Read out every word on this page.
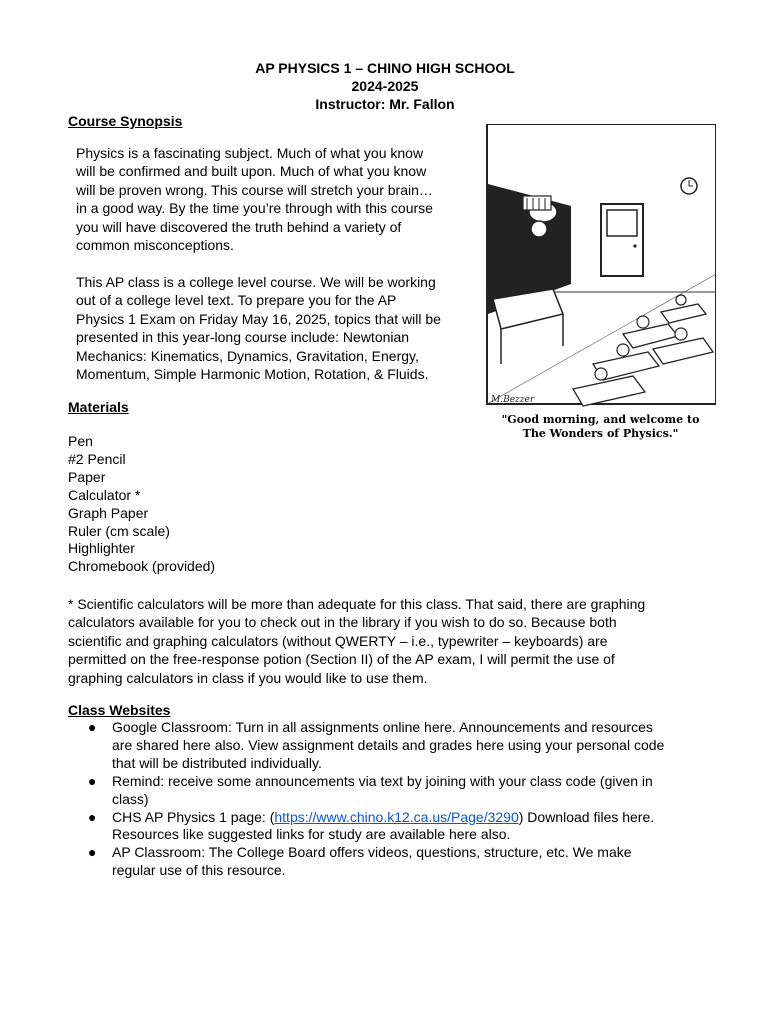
AP PHYSICS 1 – CHINO HIGH SCHOOL
2024-2025
Instructor: Mr. Fallon
Course Synopsis
Physics is a fascinating subject. Much of what you know
will be confirmed and built upon. Much of what you know
will be proven wrong. This course will stretch your brain…
in a good way. By the time you’re through with this course
you will have discovered the truth behind a variety of
common misconceptions.
This AP class is a college level course. We will be working
out of a college level text. To prepare you for the AP
Physics 1 Exam on Friday May 16, 2025, topics that will be
presented in this year-long course include: Newtonian
Mechanics: Kinematics, Dynamics, Gravitation, Energy,
Momentum, Simple Harmonic Motion, Rotation, & Fluids.
M.Bezzer
"Good morning, and welcome to
The Wonders of Physics."
Materials
Pen
#2 Pencil
Paper
Calculator *
Graph Paper
Ruler (cm scale)
Highlighter
Chromebook (provided)
* Scientific calculators will be more than adequate for this class. That said, there are graphing
calculators available for you to check out in the library if you wish to do so. Because both
scientific and graphing calculators (without QWERTY – i.e., typewriter – keyboards) are
permitted on the free-response potion (Section II) of the AP exam, I will permit the use of
graphing calculators in class if you would like to use them.
Class Websites
● Google Classroom: Turn in all assignments online here. Announcements and resources
are shared here also. View assignment details and grades here using your personal code
that will be distributed individually.
● Remind: receive some announcements via text by joining with your class code (given in
class)
● CHS AP Physics 1 page: (https://www.chino.k12.ca.us/Page/3290) Download files here.
Resources like suggested links for study are available here also.
● AP Classroom: The College Board offers videos, questions, structure, etc. We make
regular use of this resource.
